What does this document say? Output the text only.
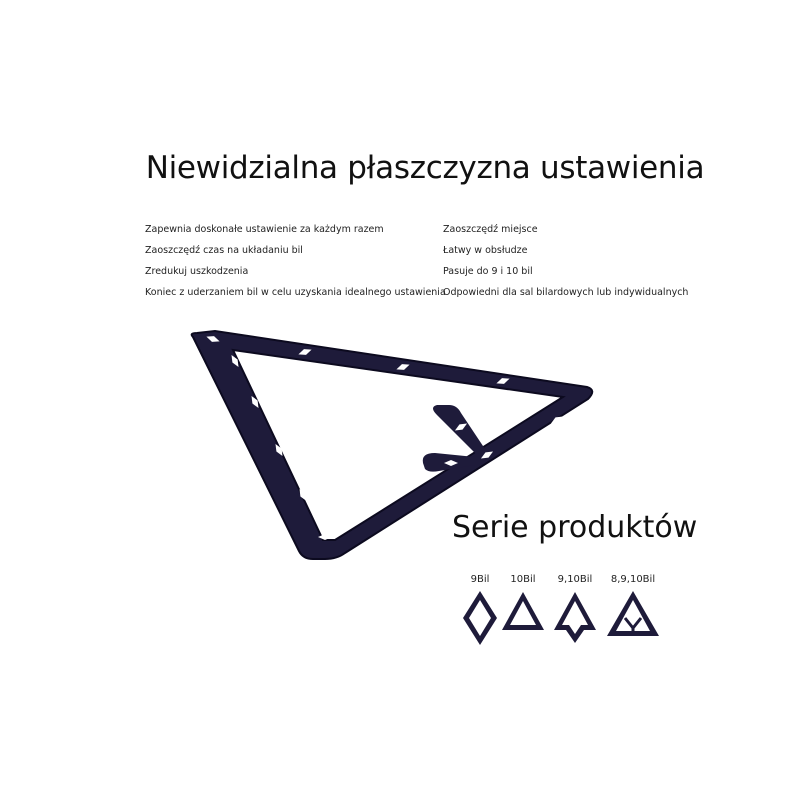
Niewidzialna płaszczyzna ustawienia
Zapewnia doskonałe ustawienie za każdym razem
Zaoszczędź czas na układaniu bil
Zredukuj uszkodzenia
Koniec z uderzaniem bil w celu uzyskania idealnego ustawienia
Zaoszczędź miejsce
Łatwy w obsłudze
Pasuje do 9 i 10 bil
Odpowiedni dla sal bilardowych lub indywidualnych
Serie produktów
9Bil	10Bil	9,10Bil	8,9,10Bil
